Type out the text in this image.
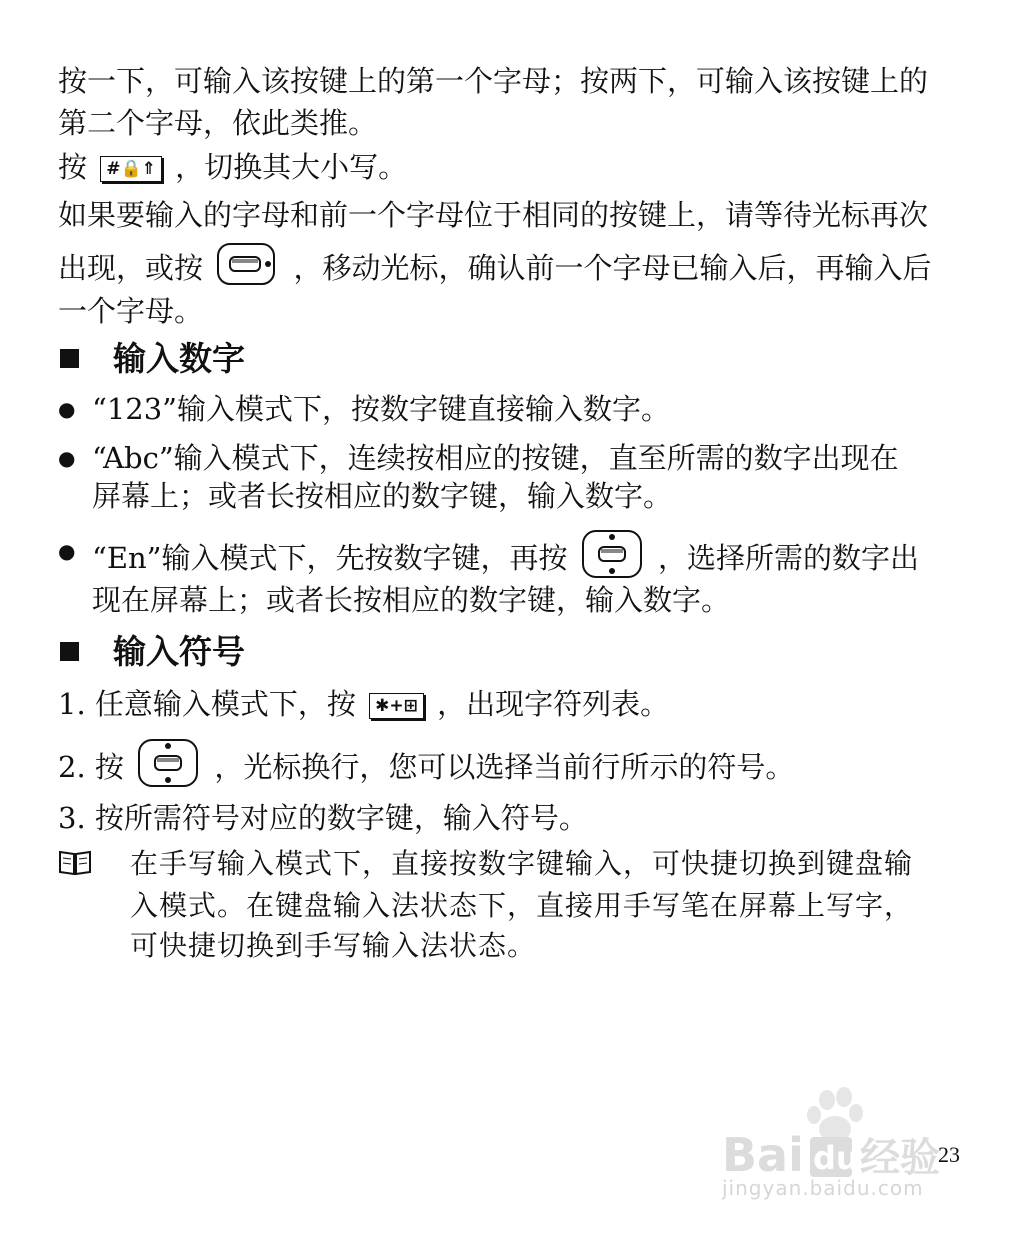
按一下，可输入该按键上的第一个字母；按两下，可输入该按键上的
第二个字母，依此类推。
按 #🔒⇑ ，切换其大小写。
如果要输入的字母和前一个字母位于相同的按键上，请等待光标再次
出现，或按	，移动光标，确认前一个字母已输入后，再输入后
一个字母。
输入数字
● “123”输入模式下，按数字键直接输入数字。
● “Abc”输入模式下，连续按相应的按键，直至所需的数字出现在
屏幕上；或者长按相应的数字键，输入数字。
● “En”输入模式下，先按数字键，再按	，选择所需的数字出
现在屏幕上；或者长按相应的数字键，输入数字。
输入符号
1. 任意输入模式下，按 ✱+⊞ ，出现字符列表。
2. 按	，光标换行，您可以选择当前行所示的符号。
3. 按所需符号对应的数字键，输入符号。
在手写输入模式下，直接按数字键输入，可快捷切换到键盘输
入模式。在键盘输入法状态下，直接用手写笔在屏幕上写字，
可快捷切换到手写输入法状态。
Bai du 经验
jingyan.baidu.com
23
